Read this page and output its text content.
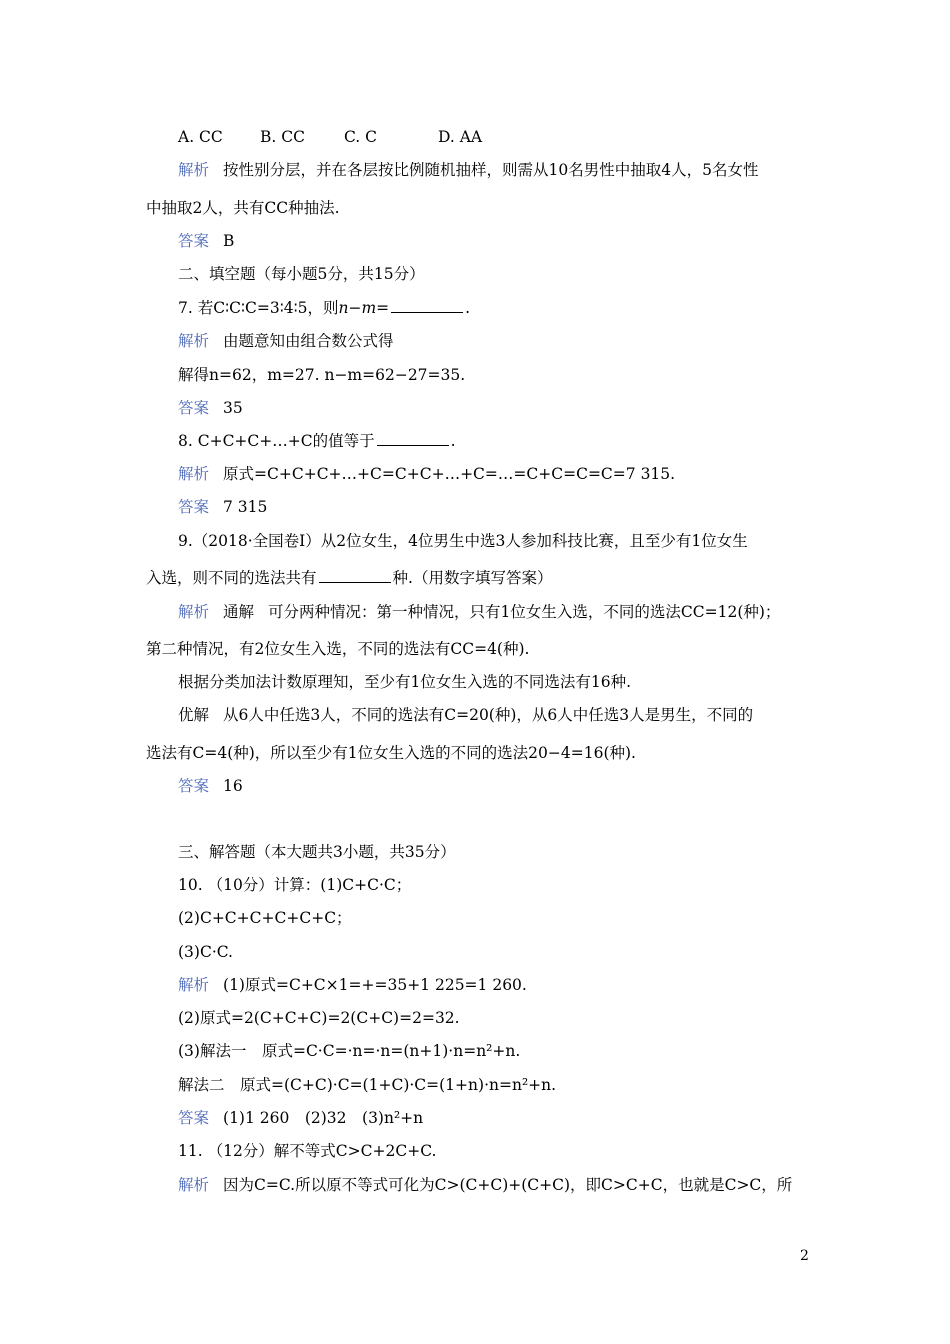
A. CC B. CC	C. C	D. AA
解析 按性别分层，并在各层按比例随机抽样，则需从10名男性中抽取4人，5名女性
中抽取2人，共有CC种抽法.
答案 B
二、填空题（每小题5分，共15分）
7. 若C∶C∶C=3∶4∶5，则n−m=	.
解析 由题意知由组合数公式得
解得n=62，m=27. n−m=62−27=35.
答案 35
8. C+C+C+…+C的值等于	.
解析 原式=C+C+C+…+C=C+C+…+C=…=C+C=C=C=7 315.
答案 7 315
9.（2018·全国卷Ⅰ）从2位女生，4位男生中选3人参加科技比赛，且至少有1位女生
入选，则不同的选法共有	种.（用数字填写答案）
解析 通解 可分两种情况：第一种情况，只有1位女生入选，不同的选法CC=12(种)；
第二种情况，有2位女生入选，不同的选法有CC=4(种).
根据分类加法计数原理知，至少有1位女生入选的不同选法有16种.
优解 从6人中任选3人，不同的选法有C=20(种)，从6人中任选3人是男生，不同的
选法有C=4(种)，所以至少有1位女生入选的不同的选法20−4=16(种).
答案 16
三、解答题（本大题共3小题，共35分）
10. （10分）计算：(1)C+C·C；
(2)C+C+C+C+C+C；
(3)C·C.
解析 (1)原式=C+C×1=+=35+1 225=1 260.
(2)原式=2(C+C+C)=2(C+C)=2=32.
(3)解法一　原式=C·C=·n=·n=(n+1)·n=n²+n.
解法二　原式=(C+C)·C=(1+C)·C=(1+n)·n=n²+n.
答案 (1)1 260　(2)32　(3)n²+n
11. （12分）解不等式C>C+2C+C.
解析 因为C=C.所以原不等式可化为C>(C+C)+(C+C)，即C>C+C，也就是C>C，所
2
